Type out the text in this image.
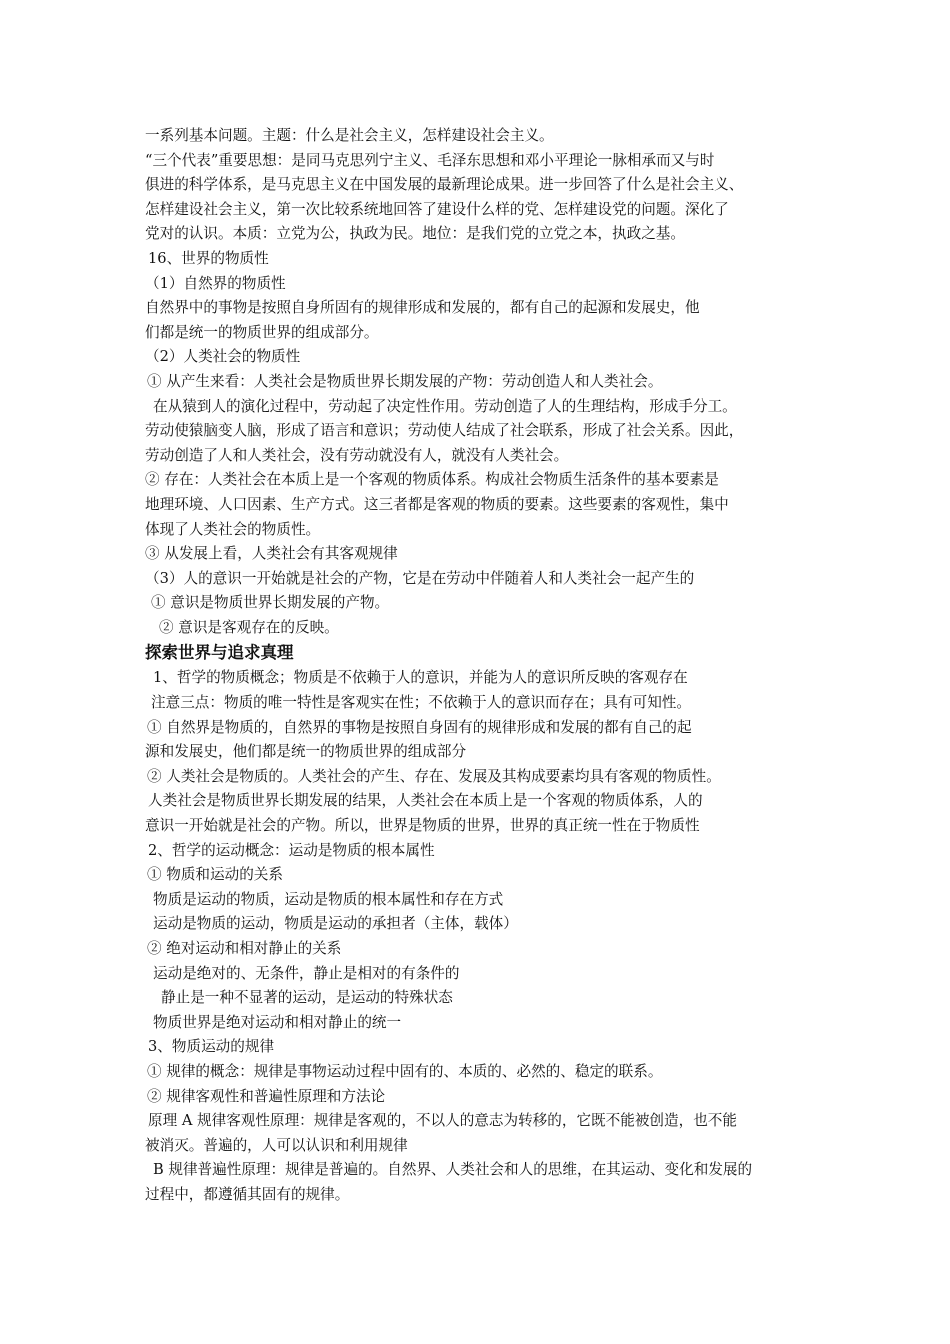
一系列基本问题。主题：什么是社会主义，怎样建设社会主义。
“三个代表”重要思想：是同马克思列宁主义、毛泽东思想和邓小平理论一脉相承而又与时
俱进的科学体系，是马克思主义在中国发展的最新理论成果。进一步回答了什么是社会主义、
怎样建设社会主义，第一次比较系统地回答了建设什么样的党、怎样建设党的问题。深化了
党对的认识。本质：立党为公，执政为民。地位：是我们党的立党之本，执政之基。
16、世界的物质性
（1）自然界的物质性
自然界中的事物是按照自身所固有的规律形成和发展的，都有自己的起源和发展史，他
们都是统一的物质世界的组成部分。
（2）人类社会的物质性
① 从产生来看：人类社会是物质世界长期发展的产物：劳动创造人和人类社会。
在从猿到人的演化过程中，劳动起了决定性作用。劳动创造了人的生理结构，形成手分工。
劳动使猿脑变人脑，形成了语言和意识；劳动使人结成了社会联系，形成了社会关系。因此，
劳动创造了人和人类社会，没有劳动就没有人，就没有人类社会。
② 存在：人类社会在本质上是一个客观的物质体系。构成社会物质生活条件的基本要素是
地理环境、人口因素、生产方式。这三者都是客观的物质的要素。这些要素的客观性，集中
体现了人类社会的物质性。
③ 从发展上看，人类社会有其客观规律
（3）人的意识一开始就是社会的产物，它是在劳动中伴随着人和人类社会一起产生的
① 意识是物质世界长期发展的产物。
② 意识是客观存在的反映。
探索世界与追求真理
1、哲学的物质概念；物质是不依赖于人的意识，并能为人的意识所反映的客观存在
注意三点：物质的唯一特性是客观实在性；不依赖于人的意识而存在；具有可知性。
① 自然界是物质的，自然界的事物是按照自身固有的规律形成和发展的都有自己的起
源和发展史，他们都是统一的物质世界的组成部分
② 人类社会是物质的。人类社会的产生、存在、发展及其构成要素均具有客观的物质性。
人类社会是物质世界长期发展的结果，人类社会在本质上是一个客观的物质体系，人的
意识一开始就是社会的产物。所以，世界是物质的世界，世界的真正统一性在于物质性
2、哲学的运动概念：运动是物质的根本属性
① 物质和运动的关系
物质是运动的物质，运动是物质的根本属性和存在方式
运动是物质的运动，物质是运动的承担者（主体，载体）
② 绝对运动和相对静止的关系
运动是绝对的、无条件，静止是相对的有条件的
静止是一种不显著的运动，是运动的特殊状态
物质世界是绝对运动和相对静止的统一
3、物质运动的规律
① 规律的概念：规律是事物运动过程中固有的、本质的、必然的、稳定的联系。
② 规律客观性和普遍性原理和方法论
原理 A 规律客观性原理：规律是客观的，不以人的意志为转移的，它既不能被创造，也不能
被消灭。普遍的，人可以认识和利用规律
B 规律普遍性原理：规律是普遍的。自然界、人类社会和人的思维，在其运动、变化和发展的
过程中，都遵循其固有的规律。
